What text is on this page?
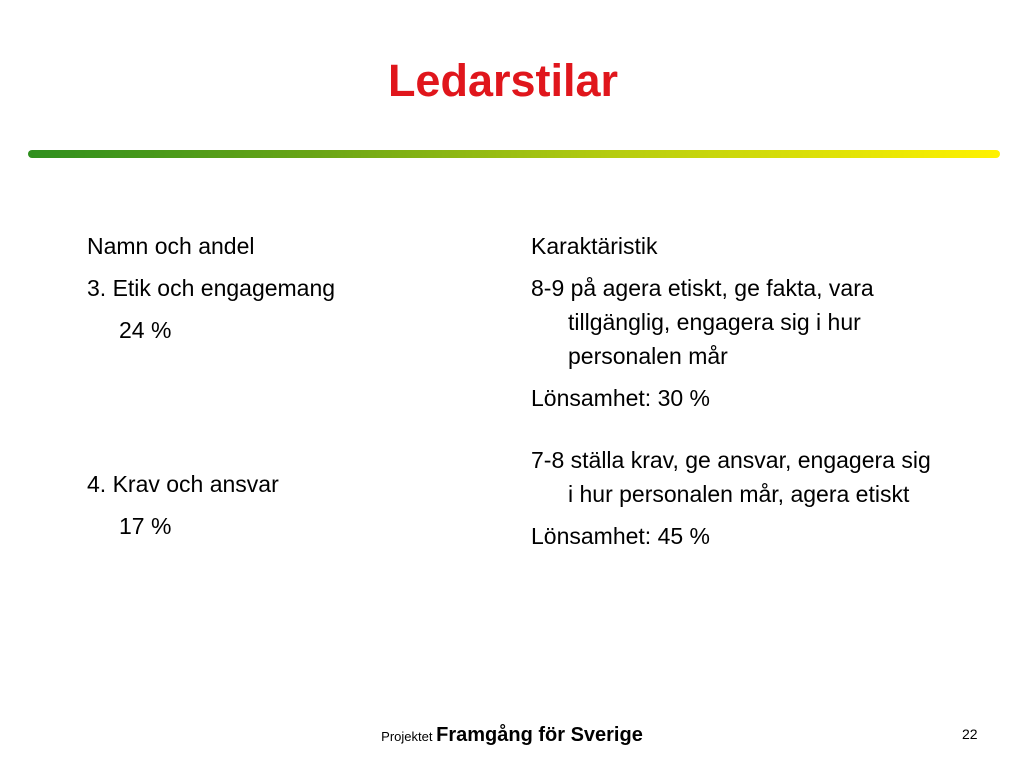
Ledarstilar
Namn och andel
3. Etik och engagemang
24 %
4. Krav och ansvar
17 %
Karaktäristik
8-9 på agera etiskt, ge fakta, vara tillgänglig, engagera sig i hur personalen mår
Lönsamhet: 30 %
7-8 ställa krav, ge ansvar, engagera sig i hur personalen mår, agera etiskt
Lönsamhet: 45 %
Projektet Framgång för Sverige	22
